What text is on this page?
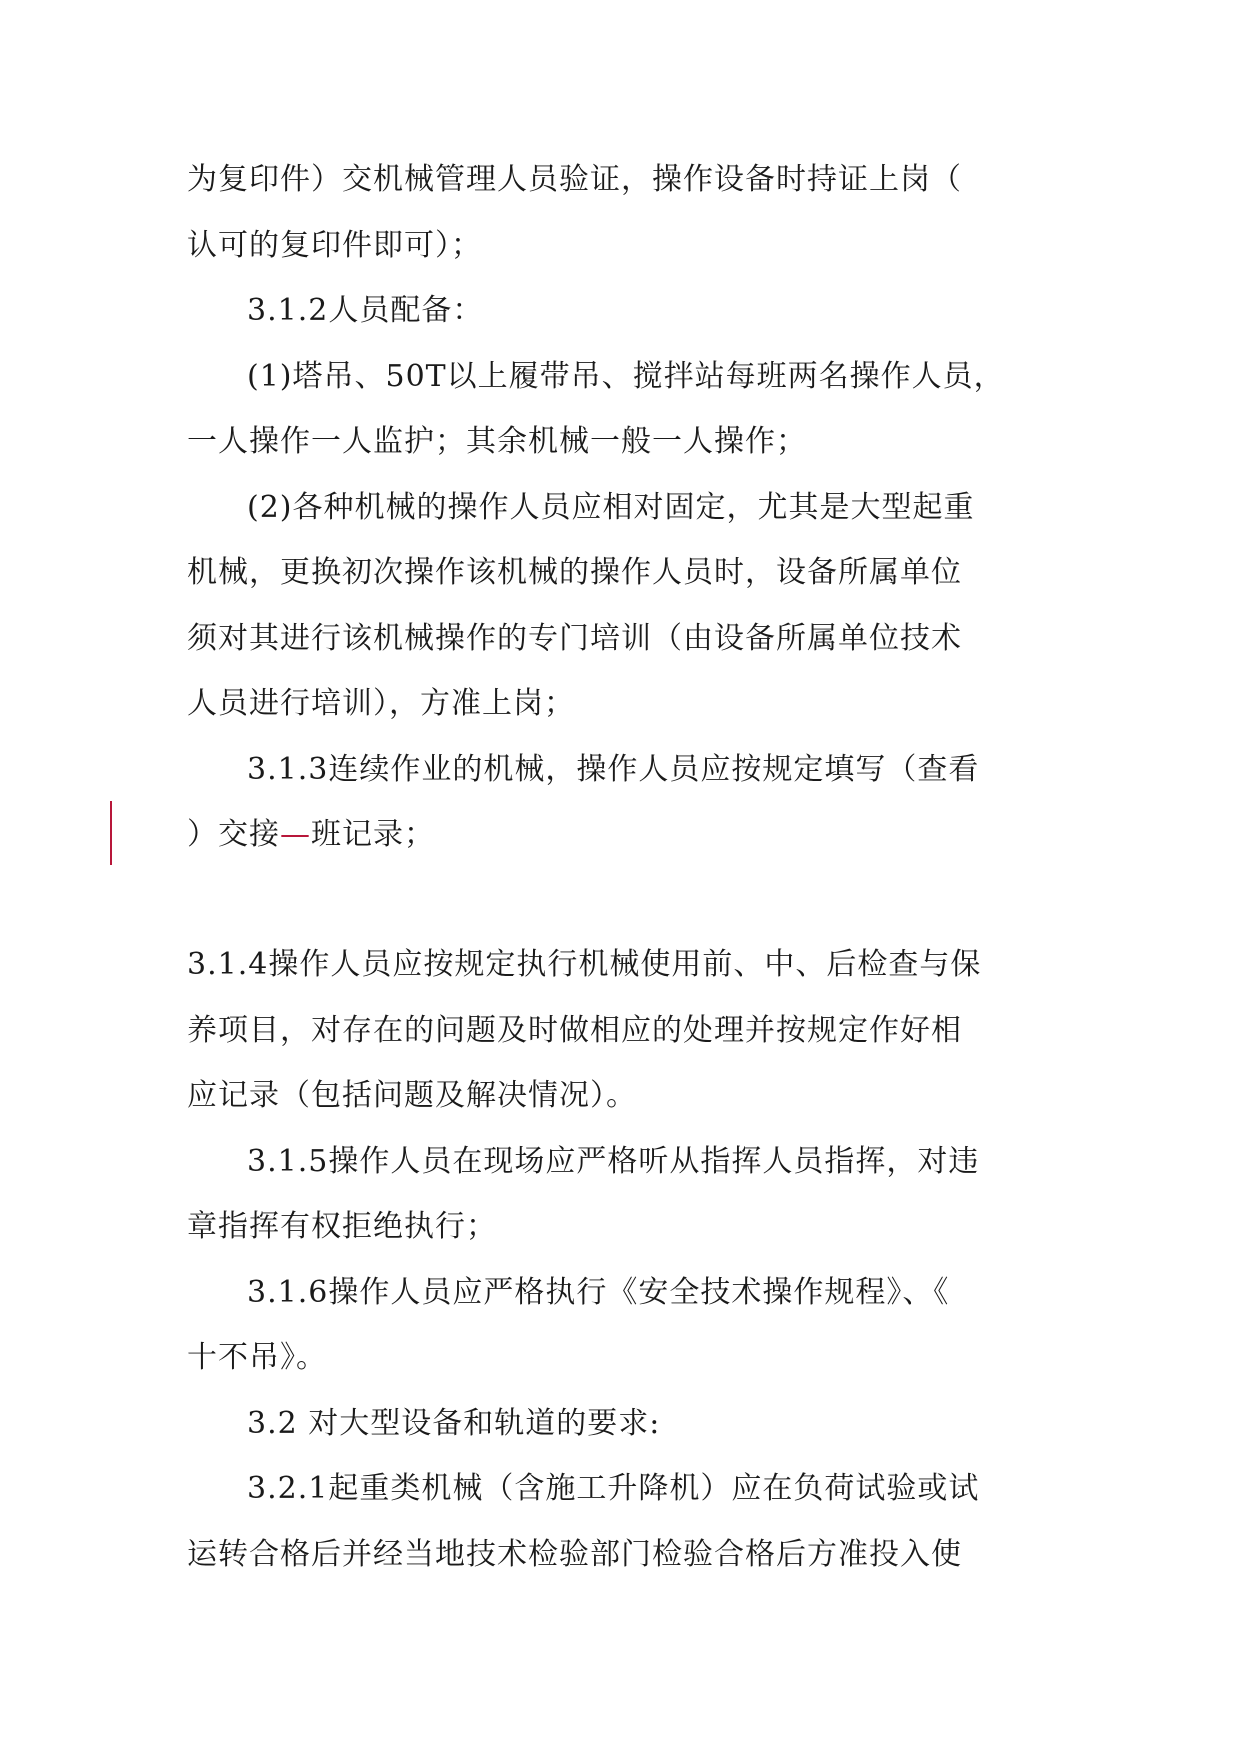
为复印件）交机械管理人员验证，操作设备时持证上岗（
认可的复印件即可）；
3.1.2人员配备：
(1)塔吊、50T以上履带吊、搅拌站每班两名操作人员，
一人操作一人监护；其余机械一般一人操作；
(2)各种机械的操作人员应相对固定，尤其是大型起重
机械，更换初次操作该机械的操作人员时，设备所属单位
须对其进行该机械操作的专门培训（由设备所属单位技术
人员进行培训），方准上岗；
3.1.3连续作业的机械，操作人员应按规定填写（查看
）交接—班记录；
3.1.4操作人员应按规定执行机械使用前、中、后检查与保
养项目，对存在的问题及时做相应的处理并按规定作好相
应记录（包括问题及解决情况）。
3.1.5操作人员在现场应严格听从指挥人员指挥，对违
章指挥有权拒绝执行；
3.1.6操作人员应严格执行《安全技术操作规程》、《
十不吊》。
3.2 对大型设备和轨道的要求:
3.2.1起重类机械（含施工升降机）应在负荷试验或试
运转合格后并经当地技术检验部门检验合格后方准投入使
